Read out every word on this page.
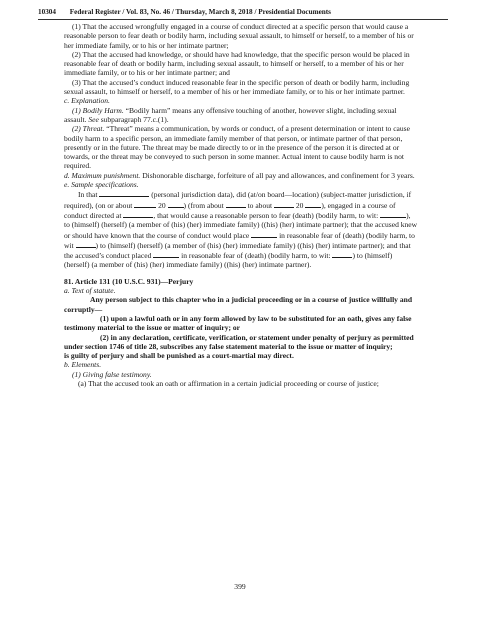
10304 Federal Register / Vol. 83, No. 46 / Thursday, March 8, 2018 / Presidential Documents

(1) That the accused wrongfully engaged in a course of conduct directed at a specific person that would cause a reasonable person to fear death or bodily harm, including sexual assault, to himself or herself, to a member of his or her immediate family, or to his or her intimate partner;

(2) That the accused had knowledge, or should have had knowledge, that the specific person would be placed in reasonable fear of death or bodily harm, including sexual assault, to himself or herself, to a member of his or her immediate family, or to his or her intimate partner; and

(3) That the accused’s conduct induced reasonable fear in the specific person of death or bodily harm, including sexual assault, to himself or herself, to a member of his or her immediate family, or to his or her intimate partner.

c. Explanation.

(1) Bodily Harm. “Bodily harm” means any offensive touching of another, however slight, including sexual assault. See subparagraph 77.c.(1).

(2) Threat. “Threat” means a communication, by words or conduct, of a present determination or intent to cause bodily harm to a specific person, an immediate family member of that person, or intimate partner of that person, presently or in the future. The threat may be made directly to or in the presence of the person it is directed at or towards, or the threat may be conveyed to such person in some manner. Actual intent to cause bodily harm is not required.

d. Maximum punishment. Dishonorable discharge, forfeiture of all pay and allowances, and confinement for 3 years.

e. Sample specifications.

In that	(personal jurisdiction data), did (at/on board—location) (subject-matter jurisdiction, if required), (on or about	20 ) (from about	to about	20 ), engaged in a course of conduct directed at	, that would cause a reasonable person to fear (death) (bodily harm, to wit:	), to (himself) (herself) (a member of (his) (her) immediate family) ((his) (her) intimate partner); that the accused knew or should have known that the course of conduct would place	in reasonable fear of (death) (bodily harm, to wit	) to (himself) (herself) (a member of (his) (her) immediate family) ((his) (her) intimate partner); and that the accused’s conduct placed	in reasonable fear of (death) (bodily harm, to wit:	) to (himself) (herself) (a member of (his) (her) immediate family) ((his) (her) intimate partner).

81. Article 131 (10 U.S.C. 931)—Perjury

a. Text of statute.

Any person subject to this chapter who in a judicial proceeding or in a course of justice willfully and corruptly—

(1) upon a lawful oath or in any form allowed by law to be substituted for an oath, gives any false testimony material to the issue or matter of inquiry; or

(2) in any declaration, certificate, verification, or statement under penalty of perjury as permitted under section 1746 of title 28, subscribes any false statement material to the issue or matter of inquiry;

is guilty of perjury and shall be punished as a court-martial may direct.

b. Elements.

(1) Giving false testimony.

(a) That the accused took an oath or affirmation in a certain judicial proceeding or course of justice;

399
